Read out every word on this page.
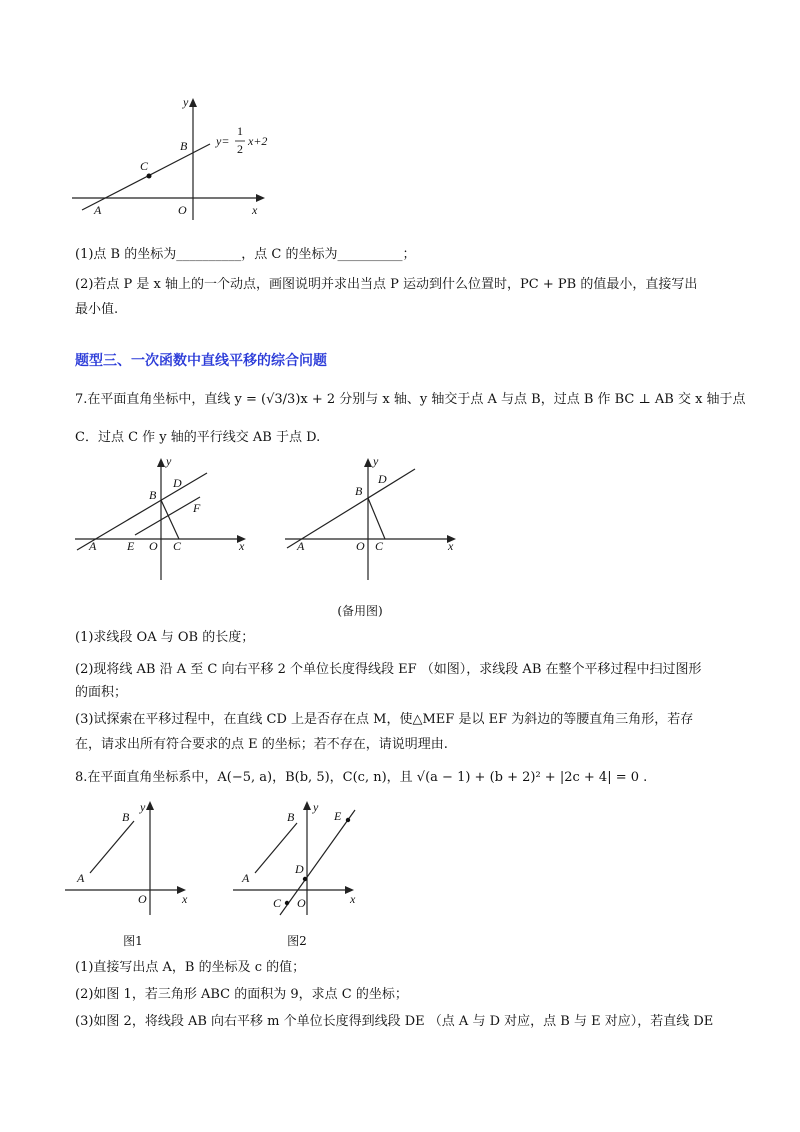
y
B
C
A	O	x
y=
1
2
x+2
(1)点 B 的坐标为__________，点 C 的坐标为__________；
(2)若点 P 是 x 轴上的一个动点，画图说明并求出当点 P 运动到什么位置时，PC + PB 的值最小，直接写出
最小值.
题型三、一次函数中直线平移的综合问题
7.在平面直角坐标中，直线 y = (√3/3)x + 2 分别与 x 轴、y 轴交于点 A 与点 B，过点 B 作 BC ⊥ AB 交 x 轴于点
C．过点 C 作 y 轴的平行线交 AB 于点 D.
y
D
B
F
A	E O C	x
y
D
B
A	O C	x
(备用图)
(1)求线段 OA 与 OB 的长度；
(2)现将线 AB 沿 A 至 C 向右平移 2 个单位长度得线段 EF （如图），求线段 AB 在整个平移过程中扫过图形
的面积；
(3)试探索在平移过程中，在直线 CD 上是否存在点 M，使△MEF 是以 EF 为斜边的等腰直角三角形，若存
在，请求出所有符合要求的点 E 的坐标；若不存在，请说明理由.
8.在平面直角坐标系中，A(−5, a)，B(b, 5)，C(c, n)，且 √(a − 1) + (b + 2)² + |2c + 4| = 0 .
y
B
A
O	x
图1
y
E
B
D
A
C O	x
图2
(1)直接写出点 A，B 的坐标及 c 的值；
(2)如图 1，若三角形 ABC 的面积为 9，求点 C 的坐标；
(3)如图 2，将线段 AB 向右平移 m 个单位长度得到线段 DE （点 A 与 D 对应，点 B 与 E 对应），若直线 DE
